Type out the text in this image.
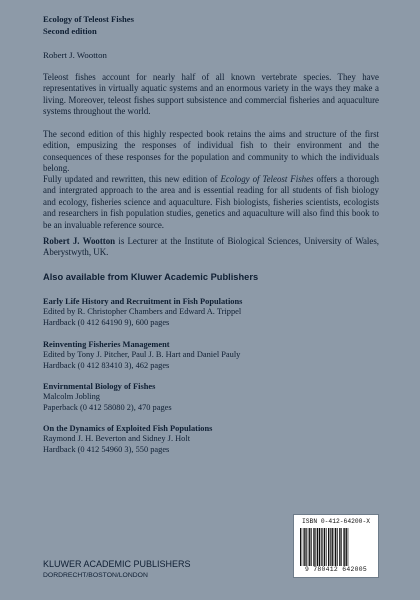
Ecology of Teleost Fishes
Second edition
Robert J. Wootton

Teleost fishes account for nearly half of all known vertebrate species. They have representatives in virtually aquatic systems and an enormous variety in the ways they make a living. Moreover, teleost fishes support subsistence and commercial fisheries and aquaculture systems throughout the world.

The second edition of this highly respected book retains the aims and structure of the first edition, empusizing the responses of individual fish to their environment and the consequences of these responses for the population and community to which the individuals belong.

Fully updated and rewritten, this new edition of Ecology of Teleost Fishes offers a thorough and intergrated approach to the area and is essential reading for all students of fish biology and ecology, fisheries science and aquaculture. Fish biologists, fisheries scientists, ecologists and researchers in fish population studies, genetics and aquaculture will also find this book to be an invaluable reference source.

Robert J. Wootton is Lecturer at the Institute of Biological Sciences, University of Wales, Aberystwyth, UK.

Also available from Kluwer Academic Publishers
Early Life History and Recruitment in Fish Populations
Edited by R. Christopher Chambers and Edward A. Trippel
Hardback (0 412 64190 9), 600 pages
Reinventing Fisheries Management
Edited by Tony J. Pitcher, Paul J. B. Hart and Daniel Pauly
Hardback (0 412 83410 3), 462 pages
Envirnmental Biology of Fishes
Malcolm Jobling
Paperback (0 412 58080 2), 470 pages
On the Dynamics of Exploited Fish Populations
Raymond J. H. Beverton and Sidney J. Holt
Hardback (0 412 54960 3), 550 pages
KLUWER ACADEMIC PUBLISHERS
DORDRECHT/BOSTON/LONDON
ISBN 0-412-64200-X
9 780412 642005
